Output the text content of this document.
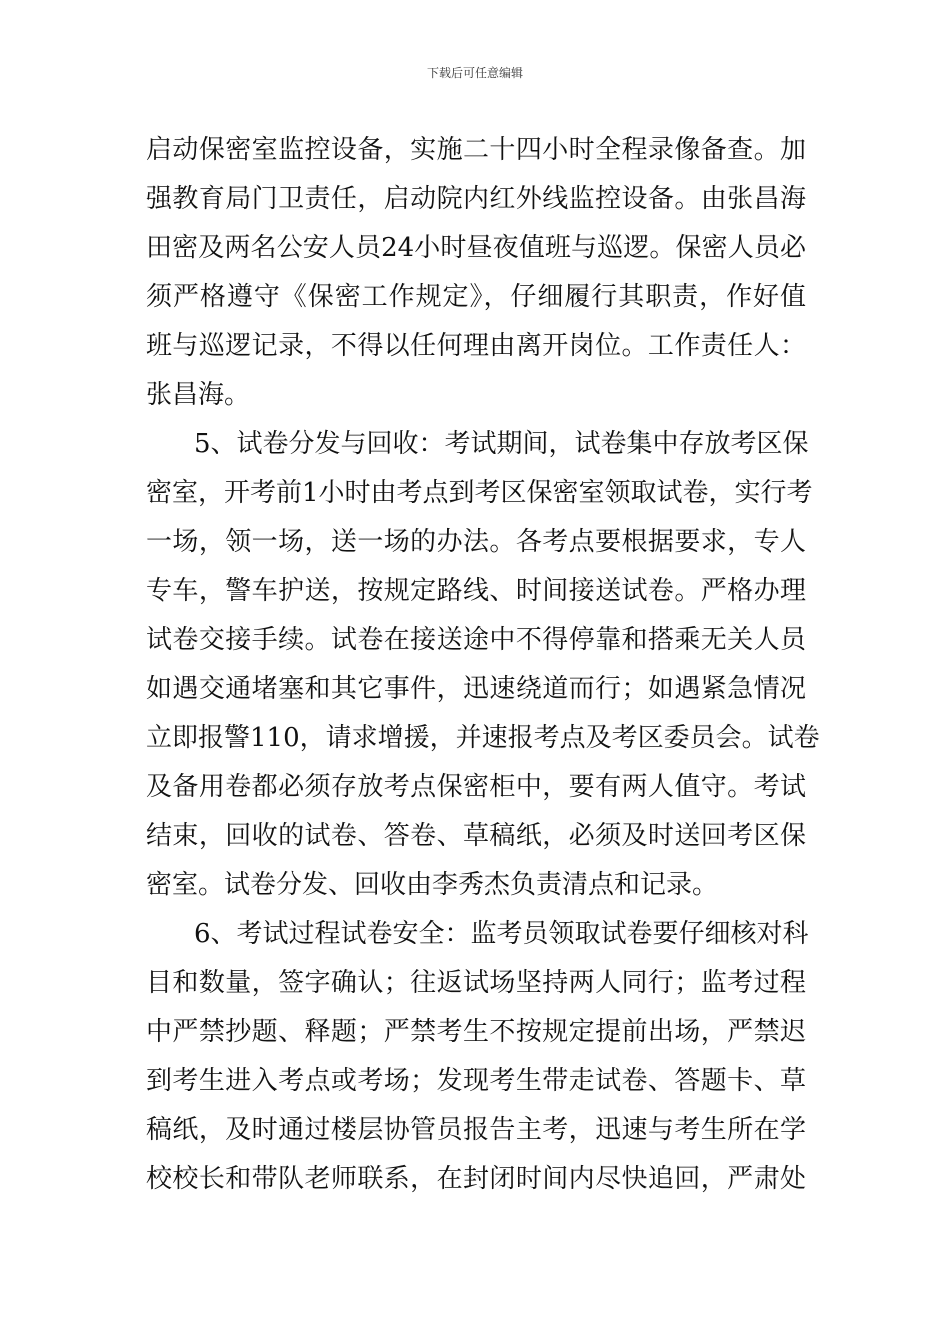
下载后可任意编辑
启动保密室监控设备，实施二十四小时全程录像备查。加
强教育局门卫责任，启动院内红外线监控设备。由张昌海
田密及两名公安人员24小时昼夜值班与巡逻。保密人员必
须严格遵守《保密工作规定》，仔细履行其职责，作好值
班与巡逻记录，不得以任何理由离开岗位。工作责任人：
张昌海。
5、试卷分发与回收：考试期间，试卷集中存放考区保
密室，开考前1小时由考点到考区保密室领取试卷，实行考
一场，领一场，送一场的办法。各考点要根据要求，专人
专车，警车护送，按规定路线、时间接送试卷。严格办理
试卷交接手续。试卷在接送途中不得停靠和搭乘无关人员
如遇交通堵塞和其它事件，迅速绕道而行；如遇紧急情况
立即报警110，请求增援，并速报考点及考区委员会。试卷
及备用卷都必须存放考点保密柜中，要有两人值守。考试
结束，回收的试卷、答卷、草稿纸，必须及时送回考区保
密室。试卷分发、回收由李秀杰负责清点和记录。
6、考试过程试卷安全：监考员领取试卷要仔细核对科
目和数量，签字确认；往返试场坚持两人同行；监考过程
中严禁抄题、释题；严禁考生不按规定提前出场，严禁迟
到考生进入考点或考场；发现考生带走试卷、答题卡、草
稿纸，及时通过楼层协管员报告主考，迅速与考生所在学
校校长和带队老师联系，在封闭时间内尽快追回，严肃处
